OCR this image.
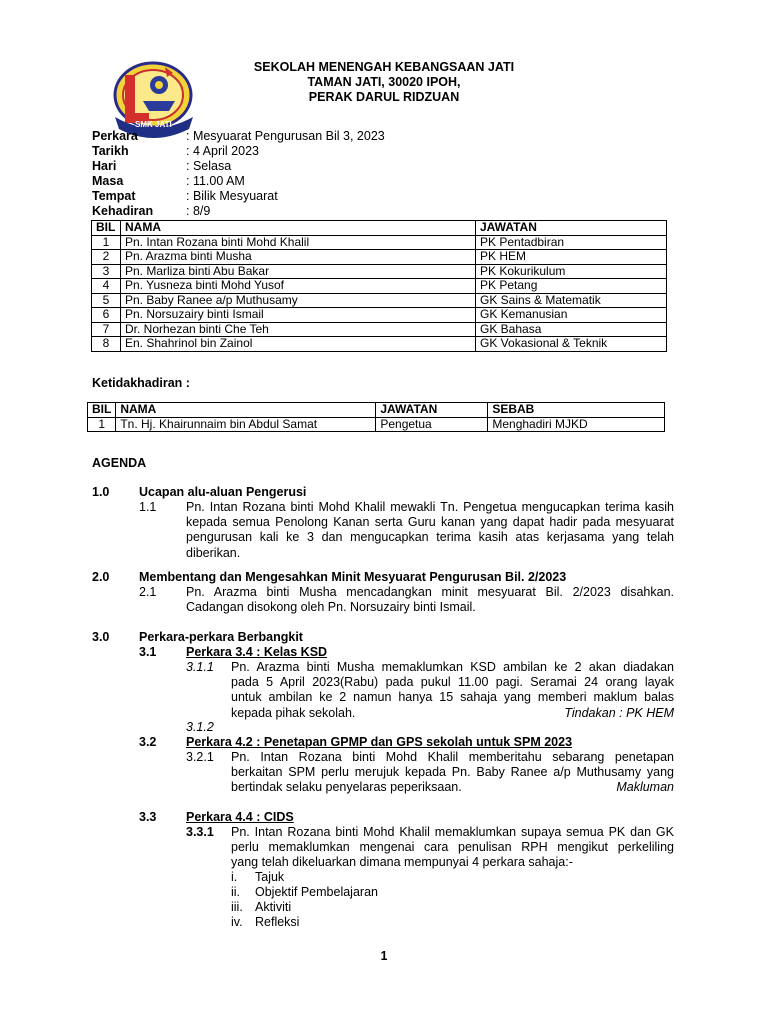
SMK JATI
SEKOLAH MENENGAH KEBANGSAAN JATI
TAMAN JATI, 30020 IPOH,
PERAK DARUL RIDZUAN
Perkara	: Mesyuarat Pengurusan Bil 3, 2023
Tarikh	: 4 April 2023
Hari	: Selasa
Masa	: 11.00 AM
Tempat	: Bilik Mesyuarat
Kehadiran	: 8/9
BIL	NAMA	JAWATAN
1	Pn. Intan Rozana binti Mohd Khalil	PK Pentadbiran
2	Pn. Arazma binti Musha	PK HEM
3	Pn. Marliza binti Abu Bakar	PK Kokurikulum
4	Pn. Yusneza binti Mohd Yusof	PK Petang
5	Pn. Baby Ranee a/p Muthusamy	GK Sains & Matematik
6	Pn. Norsuzairy binti Ismail	GK Kemanusian
7	Dr. Norhezan binti Che Teh	GK Bahasa
8	En. Shahrinol bin Zainol	GK Vokasional & Teknik
Ketidakhadiran :
BIL	NAMA	JAWATAN	SEBAB
1	Tn. Hj. Khairunnaim bin Abdul Samat	Pengetua	Menghadiri MJKD
AGENDA
1.0 Ucapan alu-aluan Pengerusi
1.1 Pn. Intan Rozana binti Mohd Khalil mewakli Tn. Pengetua mengucapkan terima kasih
kepada semua Penolong Kanan serta Guru kanan yang dapat hadir pada mesyuarat
pengurusan kali ke 3 dan mengucapkan terima kasih atas kerjasama yang telah
diberikan.
2.0 Membentang dan Mengesahkan Minit Mesyuarat Pengurusan Bil. 2/2023
2.1 Pn. Arazma binti Musha mencadangkan minit mesyuarat Bil. 2/2023 disahkan.
Cadangan disokong oleh Pn. Norsuzairy binti Ismail.
3.0 Perkara-perkara Berbangkit
3.1 Perkara 3.4 : Kelas KSD
3.1.1 Pn. Arazma binti Musha memaklumkan KSD ambilan ke 2 akan diadakan
pada 5 April 2023(Rabu) pada pukul 11.00 pagi. Seramai 24 orang layak
untuk ambilan ke 2 namun hanya 15 sahaja yang memberi maklum balas
kepada pihak sekolah.	Tindakan : PK HEM
3.1.2
3.2 Perkara 4.2 : Penetapan GPMP dan GPS sekolah untuk SPM 2023
3.2.1 Pn. Intan Rozana binti Mohd Khalil memberitahu sebarang penetapan
berkaitan SPM perlu merujuk kepada Pn. Baby Ranee a/p Muthusamy yang
bertindak selaku penyelaras peperiksaan.	Makluman
3.3 Perkara 4.4 : CIDS
3.3.1 Pn. Intan Rozana binti Mohd Khalil memaklumkan supaya semua PK dan GK
perlu memaklumkan mengenai cara penulisan RPH mengikut perkeliling
yang telah dikeluarkan dimana mempunyai 4 perkara sahaja:-
i. Tajuk
ii. Objektif Pembelajaran
iii. Aktiviti
iv. Refleksi
1
